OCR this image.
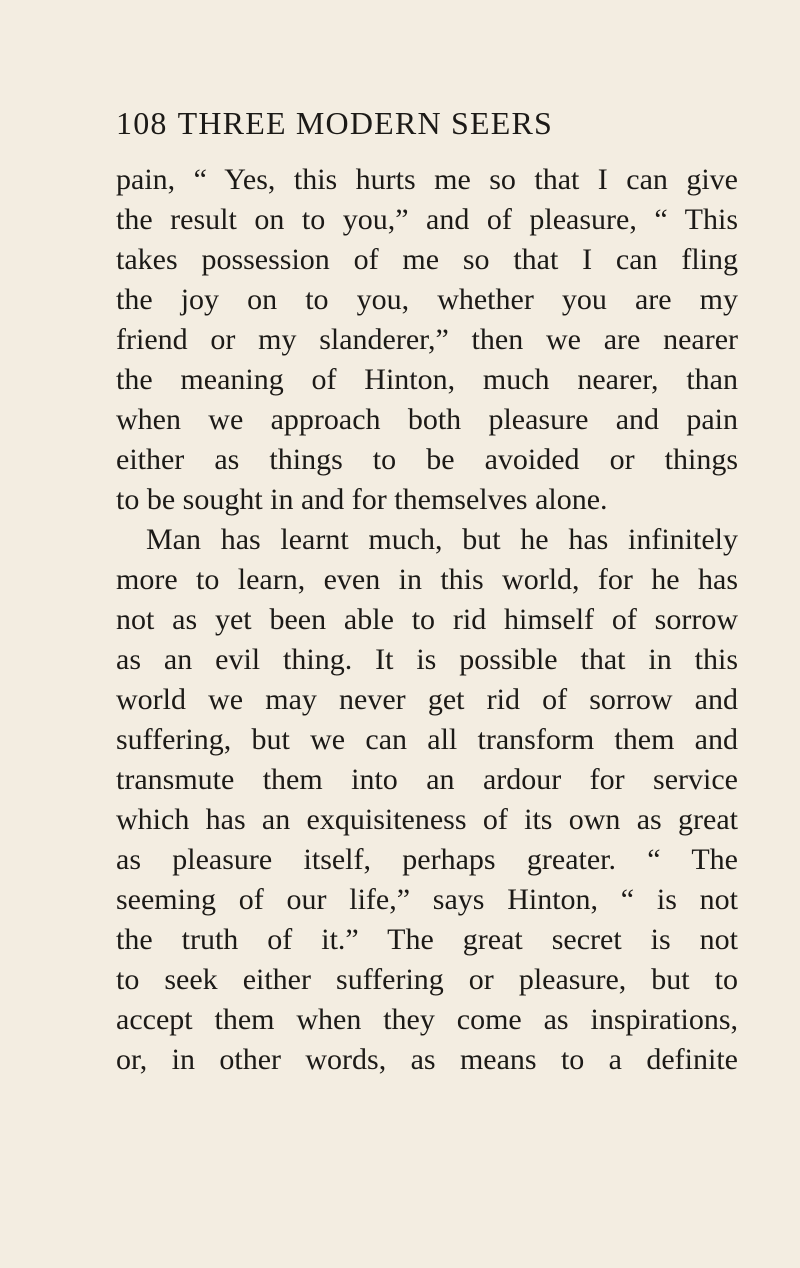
108 THREE MODERN SEERS
pain, “ Yes, this hurts me so that I can give
the result on to you,” and of pleasure, “ This
takes possession of me so that I can fling
the joy on to you, whether you are my
friend or my slanderer,” then we are nearer
the meaning of Hinton, much nearer, than
when we approach both pleasure and pain
either as things to be avoided or things
to be sought in and for themselves alone.
Man has learnt much, but he has infinitely
more to learn, even in this world, for he has
not as yet been able to rid himself of sorrow
as an evil thing. It is possible that in this
world we may never get rid of sorrow and
suffering, but we can all transform them and
transmute them into an ardour for service
which has an exquisiteness of its own as great
as pleasure itself, perhaps greater. “ The
seeming of our life,” says Hinton, “ is not
the truth of it.” The great secret is not
to seek either suffering or pleasure, but to
accept them when they come as inspirations,
or, in other words, as means to a definite
